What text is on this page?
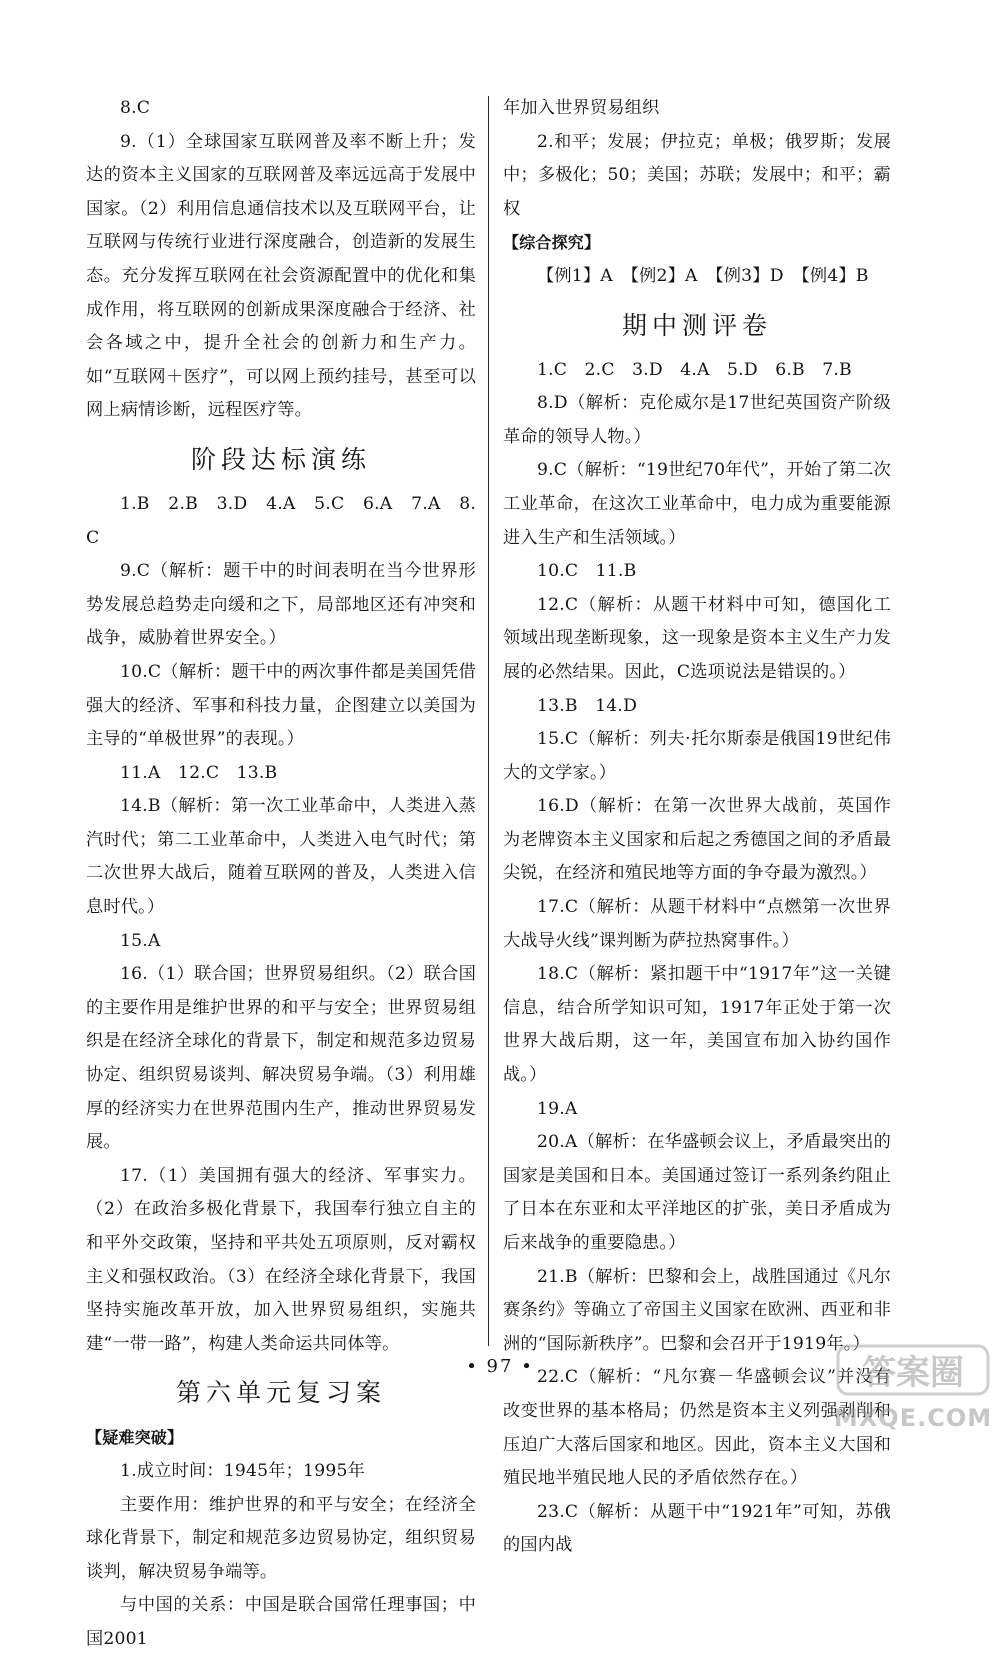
8.C
9.（1）全球国家互联网普及率不断上升；发达的资本主义国家的互联网普及率远远高于发展中国家。（2）利用信息通信技术以及互联网平台，让互联网与传统行业进行深度融合，创造新的发展生态。充分发挥互联网在社会资源配置中的优化和集成作用，将互联网的创新成果深度融合于经济、社会各域之中，提升全社会的创新力和生产力。如“互联网＋医疗”，可以网上预约挂号，甚至可以网上病情诊断，远程医疗等。
阶段达标演练
1.B　2.B　3.D　4.A　5.C　6.A　7.A　8.C
9.C（解析：题干中的时间表明在当今世界形势发展总趋势走向缓和之下，局部地区还有冲突和战争，威胁着世界安全。）
10.C（解析：题干中的两次事件都是美国凭借强大的经济、军事和科技力量，企图建立以美国为主导的“单极世界”的表现。）
11.A　12.C　13.B
14.B（解析：第一次工业革命中，人类进入蒸汽时代；第二工业革命中，人类进入电气时代；第二次世界大战后，随着互联网的普及，人类进入信息时代。）
15.A
16.（1）联合国；世界贸易组织。（2）联合国的主要作用是维护世界的和平与安全；世界贸易组织是在经济全球化的背景下，制定和规范多边贸易协定、组织贸易谈判、解决贸易争端。（3）利用雄厚的经济实力在世界范围内生产，推动世界贸易发展。
17.（1）美国拥有强大的经济、军事实力。（2）在政治多极化背景下，我国奉行独立自主的和平外交政策，坚持和平共处五项原则，反对霸权主义和强权政治。（3）在经济全球化背景下，我国坚持实施改革开放，加入世界贸易组织，实施共建“一带一路”，构建人类命运共同体等。
第六单元复习案
【疑难突破】
1.成立时间：1945年；1995年
主要作用：维护世界的和平与安全；在经济全球化背景下，制定和规范多边贸易协定，组织贸易谈判，解决贸易争端等。
与中国的关系：中国是联合国常任理事国；中国2001
年加入世界贸易组织
2.和平；发展；伊拉克；单极；俄罗斯；发展中；多极化；50；美国；苏联；发展中；和平；霸权
【综合探究】
【例1】A　【例2】A　【例3】D　【例4】B
期中测评卷
1.C　2.C　3.D　4.A　5.D　6.B　7.B
8.D（解析：克伦威尔是17世纪英国资产阶级革命的领导人物。）
9.C（解析：“19世纪70年代”，开始了第二次工业革命，在这次工业革命中，电力成为重要能源进入生产和生活领域。）
10.C　11.B
12.C（解析：从题干材料中可知，德国化工领域出现垄断现象，这一现象是资本主义生产力发展的必然结果。因此，C选项说法是错误的。）
13.B　14.D
15.C（解析：列夫·托尔斯泰是俄国19世纪伟大的文学家。）
16.D（解析：在第一次世界大战前，英国作为老牌资本主义国家和后起之秀德国之间的矛盾最尖锐，在经济和殖民地等方面的争夺最为激烈。）
17.C（解析：从题干材料中“点燃第一次世界大战导火线”课判断为萨拉热窝事件。）
18.C（解析：紧扣题干中“1917年”这一关键信息，结合所学知识可知，1917年正处于第一次世界大战后期，这一年，美国宣布加入协约国作战。）
19.A
20.A（解析：在华盛顿会议上，矛盾最突出的国家是美国和日本。美国通过签订一系列条约阻止了日本在东亚和太平洋地区的扩张，美日矛盾成为后来战争的重要隐患。）
21.B（解析：巴黎和会上，战胜国通过《凡尔赛条约》等确立了帝国主义国家在欧洲、西亚和非洲的“国际新秩序”。巴黎和会召开于1919年。）
22.C（解析：“凡尔赛－华盛顿会议”并没有改变世界的基本格局；仍然是资本主义列强剥削和压迫广大落后国家和地区。因此，资本主义大国和殖民地半殖民地人民的矛盾依然存在。）
23.C（解析：从题干中“1921年”可知，苏俄的国内战
• 97 •	答案圈
MXQE.COM
